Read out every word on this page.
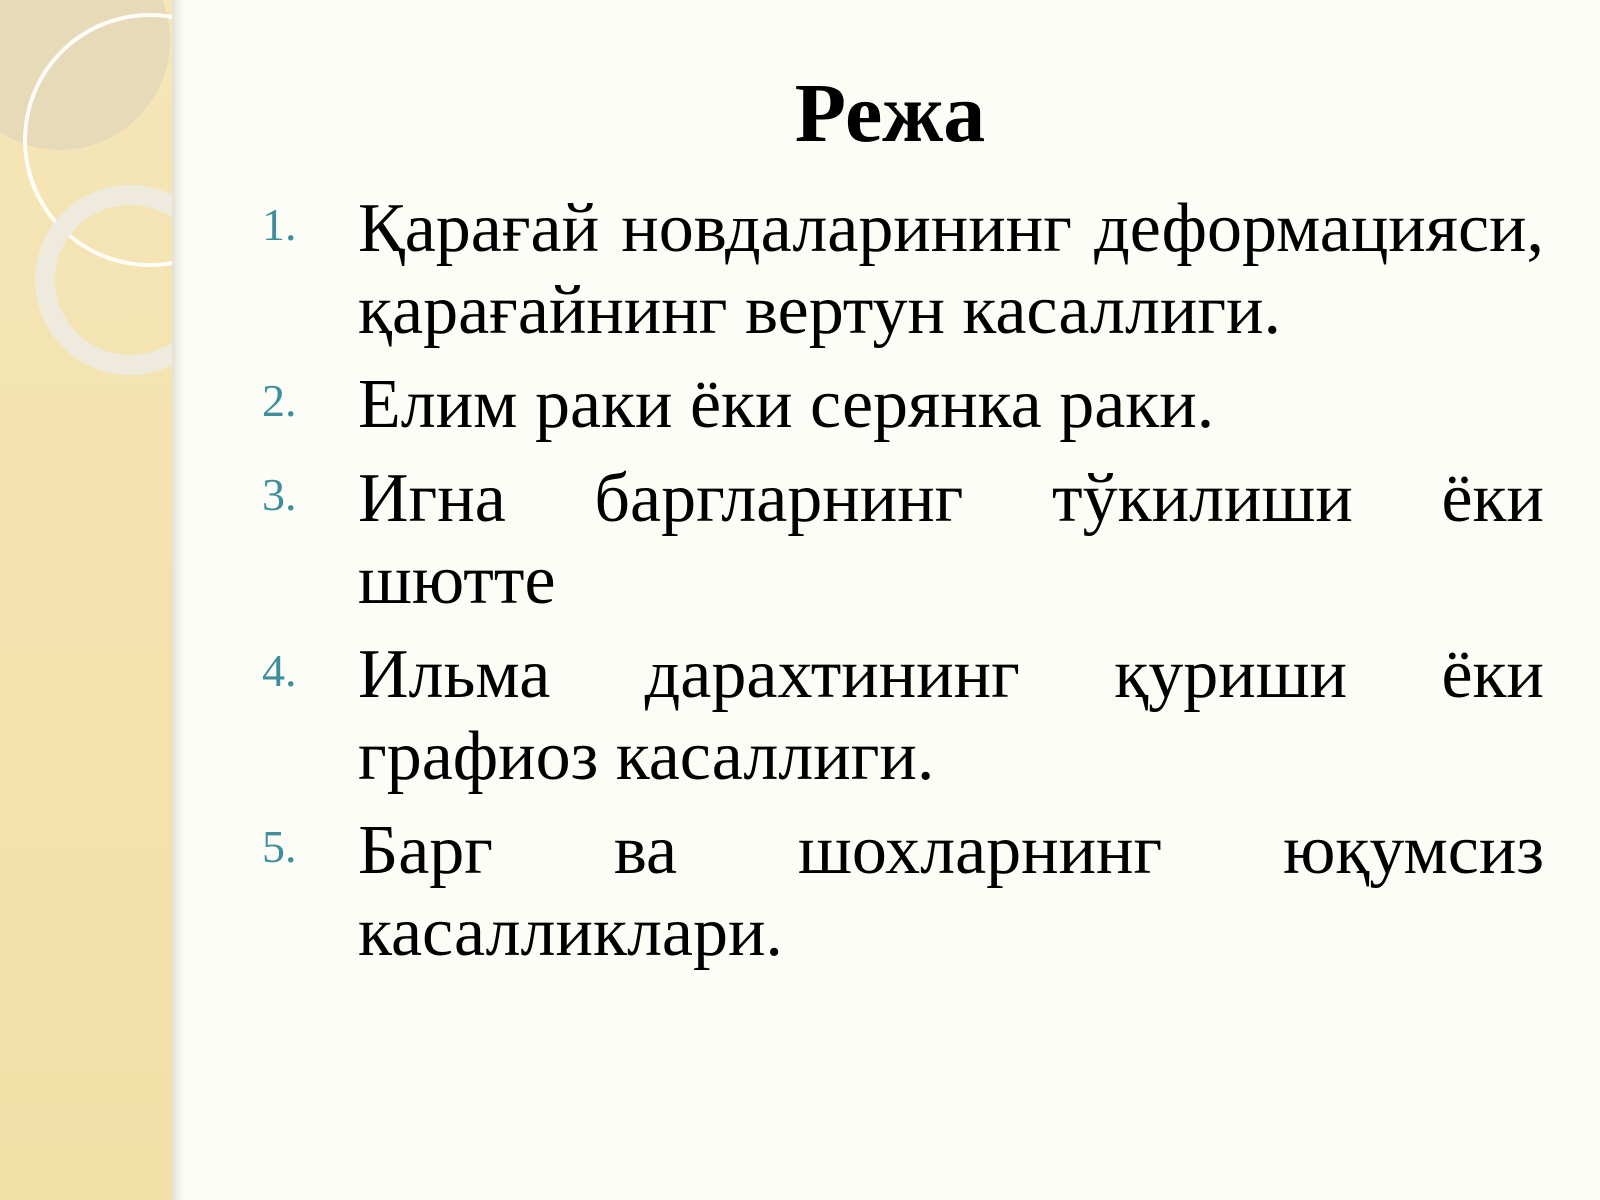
Режа
1. Қарағай новдаларининг деформацияси, қарағайнинг вертун касаллиги.
2. Елим раки ёки серянка раки.
3. Игна баргларнинг тўкилиши ёки шютте
4. Ильма дарахтининг қуриши ёки графиоз касаллиги.
5. Барг ва шохларнинг юқумсиз касалликлари.
